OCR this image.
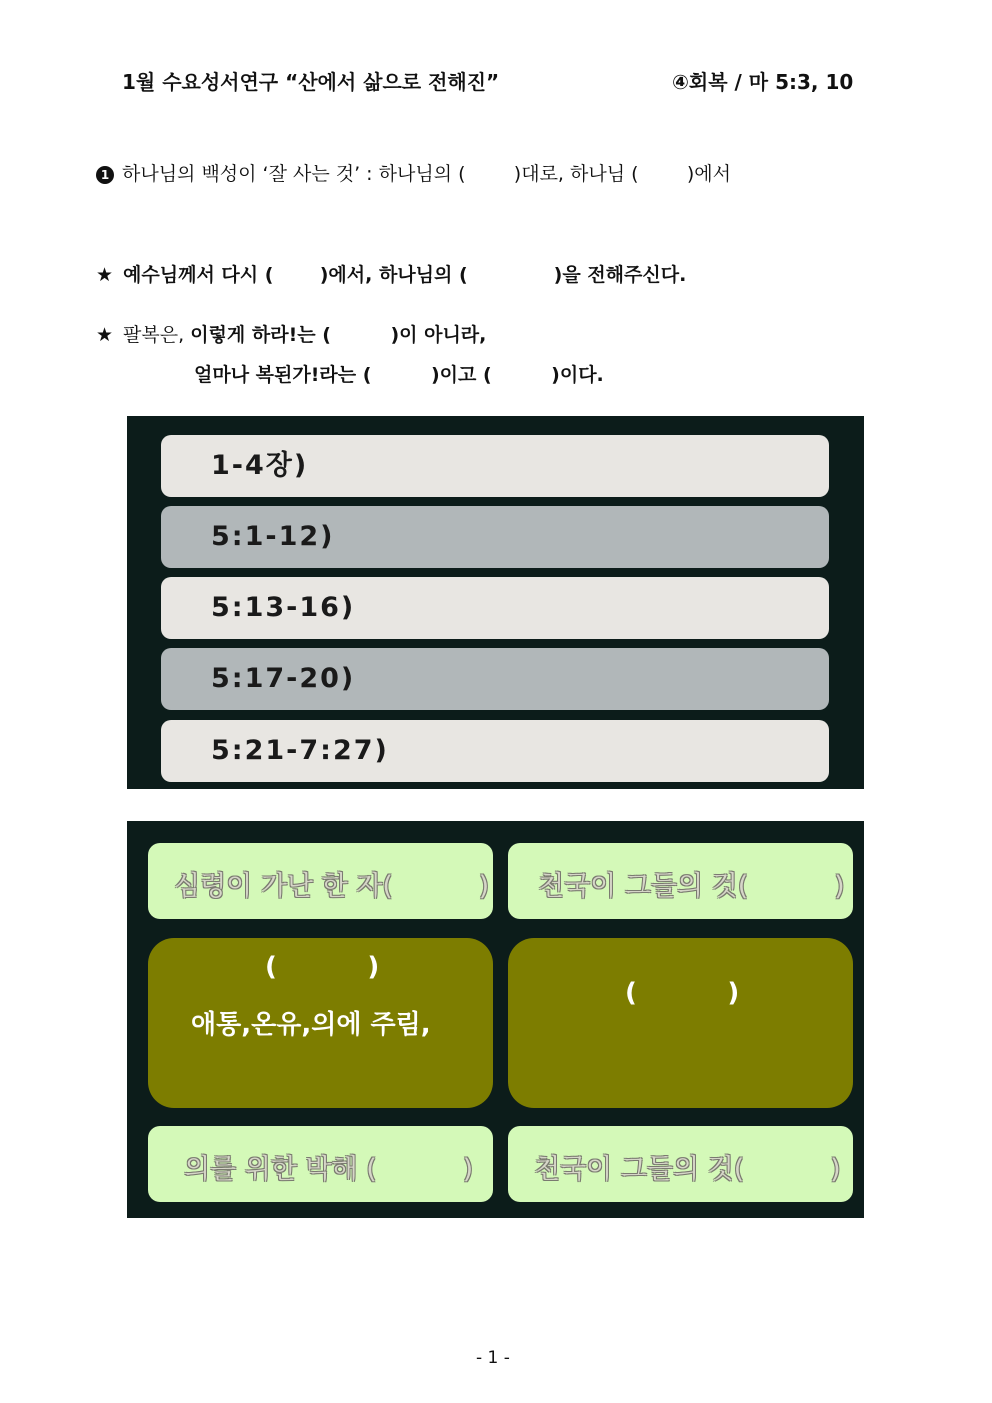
1월 수요성서연구 “산에서 삶으로 전해진”	④회복 / 마 5:3, 10
1 하나님의 백성이 ‘잘 사는 것’ : 하나님의 (        )대로, 하나님 (        )에서
★ 예수님께서 다시 (       )에서, 하나님의 (             )을 전해주신다.
★ 팔복은, 이렇게 하라!는 (         )이 아니라,
얼마나 복된가!라는 (         )이고 (         )이다.
1-4장)
5:1-12)
5:13-16)
5:17-20)
5:21-7:27)
심령이 가난 한 자(          ) 천국이 그들의 것(          )
(          )
애통,온유,의에 주림,
(          )
의를 위한 박해 (          ) 천국이 그들의 것(          )
- 1 -
